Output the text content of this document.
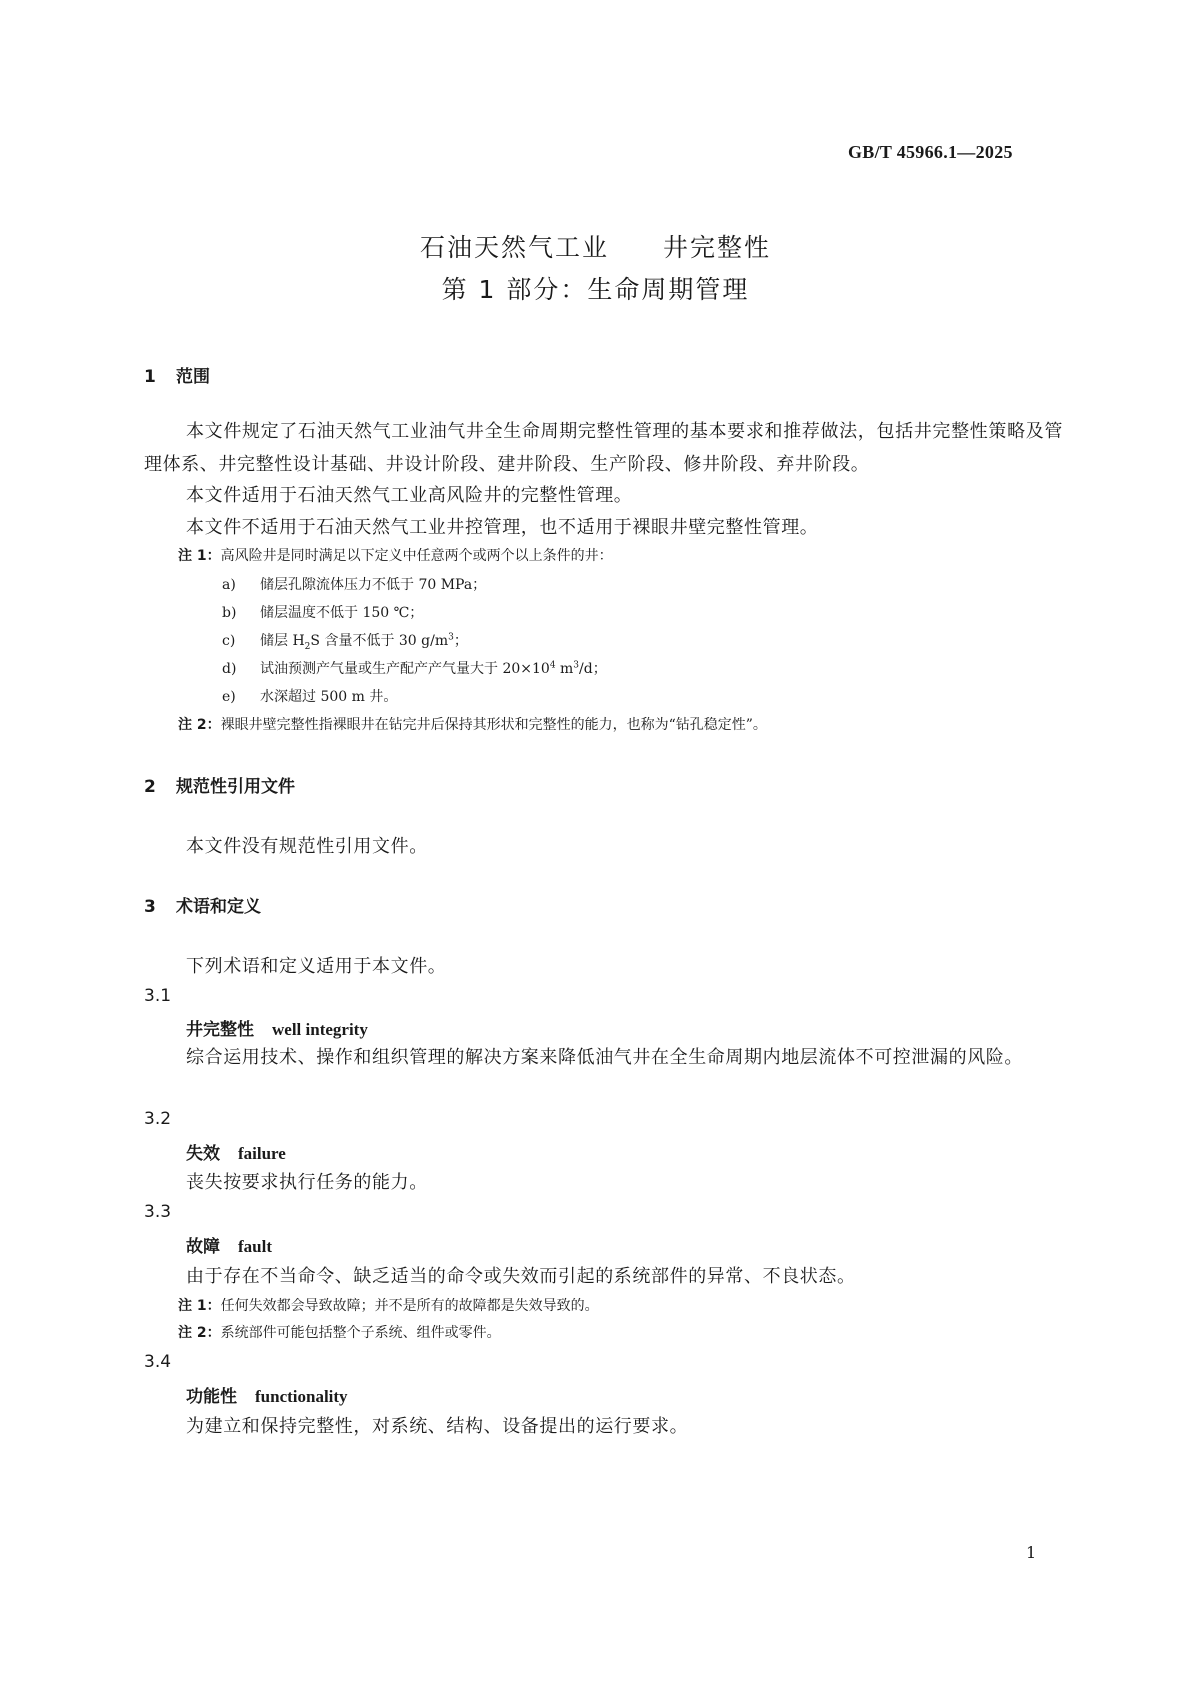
GB/T 45966.1—2025
石油天然气工业　　井完整性
第 1 部分：生命周期管理
1 范围
本文件规定了石油天然气工业油气井全生命周期完整性管理的基本要求和推荐做法，包括井完整性策略及管理体系、井完整性设计基础、井设计阶段、建井阶段、生产阶段、修井阶段、弃井阶段。
本文件适用于石油天然气工业高风险井的完整性管理。
本文件不适用于石油天然气工业井控管理，也不适用于裸眼井壁完整性管理。
注 1：高风险井是同时满足以下定义中任意两个或两个以上条件的井：
a) 储层孔隙流体压力不低于 70 MPa；
b) 储层温度不低于 150 ℃；
c) 储层 $H_2S$ 含量不低于 30 $g/m^3$；
d) 试油预测产气量或生产配产产气量大于 $20\times 10^4$ $m^3/d$；
e) 水深超过 500 m 井。
注 2：裸眼井壁完整性指裸眼井在钻完井后保持其形状和完整性的能力，也称为“钻孔稳定性”。
2 规范性引用文件
本文件没有规范性引用文件。
3 术语和定义
下列术语和定义适用于本文件。
3.1
井完整性 well integrity
综合运用技术、操作和组织管理的解决方案来降低油气井在全生命周期内地层流体不可控泄漏的风险。
3.2
失效 failure
丧失按要求执行任务的能力。
3.3
故障 fault
由于存在不当命令、缺乏适当的命令或失效而引起的系统部件的异常、不良状态。
注 1：任何失效都会导致故障；并不是所有的故障都是失效导致的。
注 2：系统部件可能包括整个子系统、组件或零件。
3.4
功能性 functionality
为建立和保持完整性，对系统、结构、设备提出的运行要求。
1
